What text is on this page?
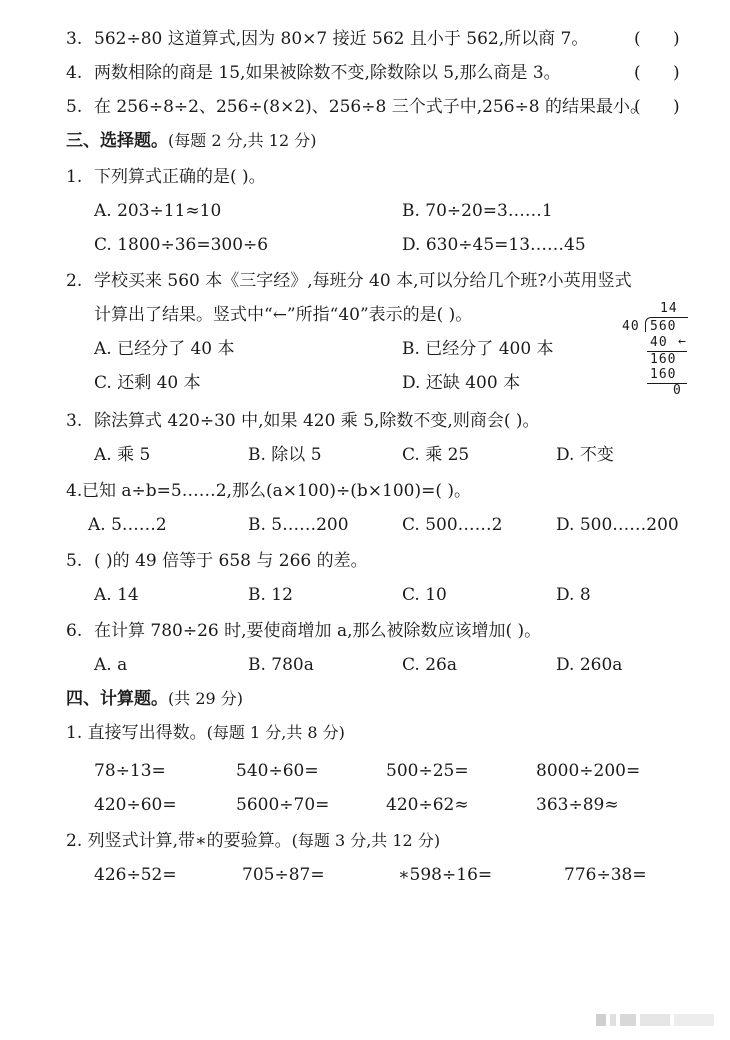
3. 562÷80 这道算式,因为 80×7 接近 562 且小于 562,所以商 7。	(      )
4. 两数相除的商是 15,如果被除数不变,除数除以 5,那么商是 3。	(      )
5. 在 256÷8÷2、256÷(8×2)、256÷8 三个式子中,256÷8 的结果最小。
(      )
三、选择题。(每题 2 分,共 12 分)
1. 下列算式正确的是( )。
A. 203÷11≈10	B. 70÷20=3……1
C. 1800÷36=300÷6	D. 630÷45=13……45
2. 学校买来 560 本《三字经》,每班分 40 本,可以分给几个班?小英用竖式
计算出了结果。竖式中“←”所指“40”表示的是( )。
A. 已经分了 40 本	B. 已经分了 400 本
C. 还剩 40 本	D. 还缺 400 本
14
40 560
40 ←
160
160
0
3. 除法算式 420÷30 中,如果 420 乘 5,除数不变,则商会( )。
A. 乘 5	B. 除以 5	C. 乘 25	D. 不变
4. 已知 a÷b=5……2,那么(a×100)÷(b×100)=( )。
A. 5……2	B. 5……200	C. 500……2	D. 500……200
5. ( )的 49 倍等于 658 与 266 的差。
A. 14	B. 12	C. 10	D. 8
6. 在计算 780÷26 时,要使商增加 a,那么被除数应该增加( )。
A. a	B. 780a	C. 26a	D. 260a
四、计算题。(共 29 分)
1. 直接写出得数。(每题 1 分,共 8 分)
78÷13=	540÷60=	500÷25=	8000÷200=
420÷60=	5600÷70=	420÷62≈	363÷89≈
2. 列竖式计算,带∗的要验算。(每题 3 分,共 12 分)
426÷52=	705÷87=	∗598÷16=	776÷38=
